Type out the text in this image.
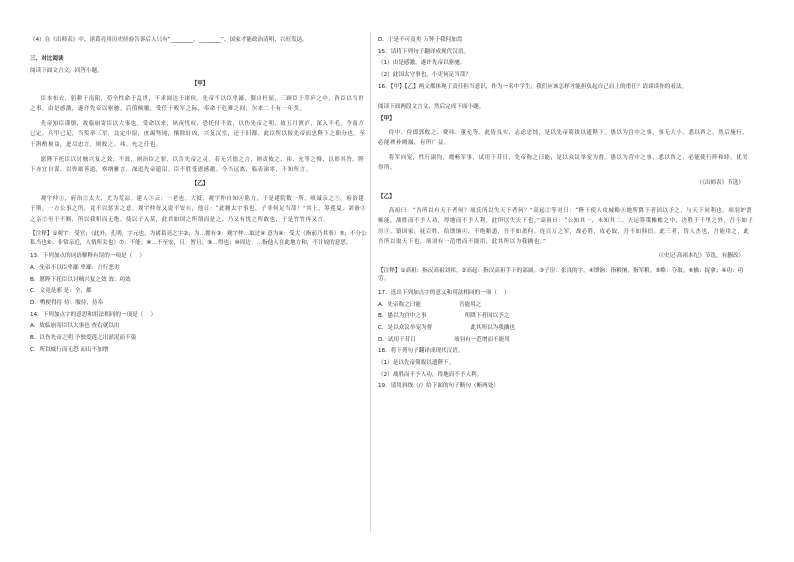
（4）在《出师表》中，诸葛亮用历史经验告诉后人只有“________，________”，国家才能政治清明、兴旺发达。

三、对比阅读

阅读下面文言文，回答小题。

【甲】

臣本布衣，躬耕于南阳，苟全性命于乱世，不求闻达于诸侯。先帝不以臣卑鄙，猥自枉屈，三顾臣于草庐之中，咨臣以当世之事，由是感激，遂许先帝以驱驰。后值倾覆，受任于败军之际，奉命于危难之间，尔来二十有一年矣。

先帝知臣谨慎，故临崩寄臣以大事也。受命以来，夙夜忧叹，恐托付不效，以伤先帝之明，故五月渡泸，深入不毛。今南方已定，兵甲已足，当奖率三军，北定中原，庶竭驽钝，攘除奸凶，兴复汉室，还于旧都。此臣所以报先帝而忠陛下之职分也。至于斟酌损益，进尽忠言，则攸之、祎、允之任也。

愿陛下托臣以讨贼兴复之效；不效，则治臣之罪，以告先帝之灵。若无兴德之言，则责攸之、祎、允等之慢，以彰其咎。陛下亦宜自谋，以咨诹善道，察纳雅言，深追先帝遗诏。臣不胜受恩感激。今当远离，临表涕零，不知所言。

【乙】

观宇仲①，府治②太大，尤为荒凉。建人③云：一老也。大抵，观宇仲自知④筋力，于是建院数一所，嗔诚亲之⑤。府治建于斯，一方公事之所，竟不以惩害之意。观宇仲每又说不安⑥，他日：“此翘太宇事也，子非何足当哉！”其上，筹莲夏，刘备③之亲②至于不断，所以我积而无绝。使以子入莫，此君如国之所谓而是之，乃又有忧之所敢也，于是竹竹再又言。

【注释】①观宇：受官；（此外，孔明，字元也，为诸葛亮之字②；为…拥有③：观宇仲…取过④ 意为④：受大（指前乃其事）⑤；不分公私当也⑥；非常亲近，人情所关也）⑦：不能；⑧…不至安，且：暂且；⑨…得也；⑩周边：…指他人在此地方和，不计较的意思。

13．下列加点的词语解释有误的一项是（    ）

A．先帝不以臣卑鄙 卑鄙：言行恶劣

B．愿陛下托臣以讨贼兴复之效 效：功效

C．文竟是邪 是：全，都

D．鸭便得侍 侍：服侍，侍奉

14．下列加点字的意思和用法相同的一项是（    ）

A．故临崩寄臣以大事也 查右就以出

B．以伤先帝之明 予独爱莲之出淤泥而不染

C．所以威行而无恐 而山不加增

D．于是不可及矣 万钟于我何加焉

15．请将下列句子翻译成现代汉语。

（1）由是感激，遂许先帝以驱驰。

（2）此国太守事也，小吏何足当哉？

16．【甲】【乙】两文都体现了责任担当意识，作为一名中学生，我们应该怎样才能担负起自己肩上的重任？请谈谈你的看法。

阅读下面两段文言文，然后完成下面小题。

【甲】

侍中、侍郎郭攸之、费祎、董允等，此皆良实，志虑忠纯，是以先帝简拔以遗陛下。愚以为宫中之事，事无大小，悉以咨之，然后施行，必能裨补阙漏，有所广益。

将军向宠，性行淑均，晓畅军事，试用于昔日，先帝称之曰能，是以众议举宠为督。愚以为营中之事，悉以咨之，必能使行阵和睦，优劣得所。

（《出师表》节选）

【乙】

高祖曰：“吾所以有天下者何？项氏所以失天下者何？”高起②等对曰：“陛下使人攻城略④地所降下者因以予之，与天下同利也。项羽妒贤嫉能，战胜而不予人功，得地而不予人利，此所以失天下也。”高祖曰：“公知其一，未知其二。夫运筹策帷帐之中，决胜于千里之外，吾不如子房③。镇国家，抚百姓，给馈饷④，不绝粮道，吾不如萧何。连百万之军，战必胜，攻必取，吾不如韩信。此三者，皆人杰也，吾能用之，此吾所以取天下也。项羽有一范增而不能用，此其所以为我擒也。”

（《史记·高祖本纪》节选，有删改）

【注释】①高祖：指汉高祖刘邦。②高起：指汉高祖手下的部属。③子房：张良的字。④馈饷：指粮饷，指军粮。⑤略：夺取。⑥擒：捉拿；④功：功劳。

17．选出下列加点字的意义和用法相同的一项（    ）

A．先帝称之曰能	吾能用之

B．愚以为宫中之事	所降下者因以予之

C．是以众议举宠为督	此其所以为我擒也

D．试用于昔日	项羽有一范增而不能用

18．将下列句子翻译成现代汉语。

（1）是以先帝简拔以遗陛下。

（2）战胜而不予人功，得地而不予人利。

19．请用斜线（/）给下面的句子断句（断两处）
